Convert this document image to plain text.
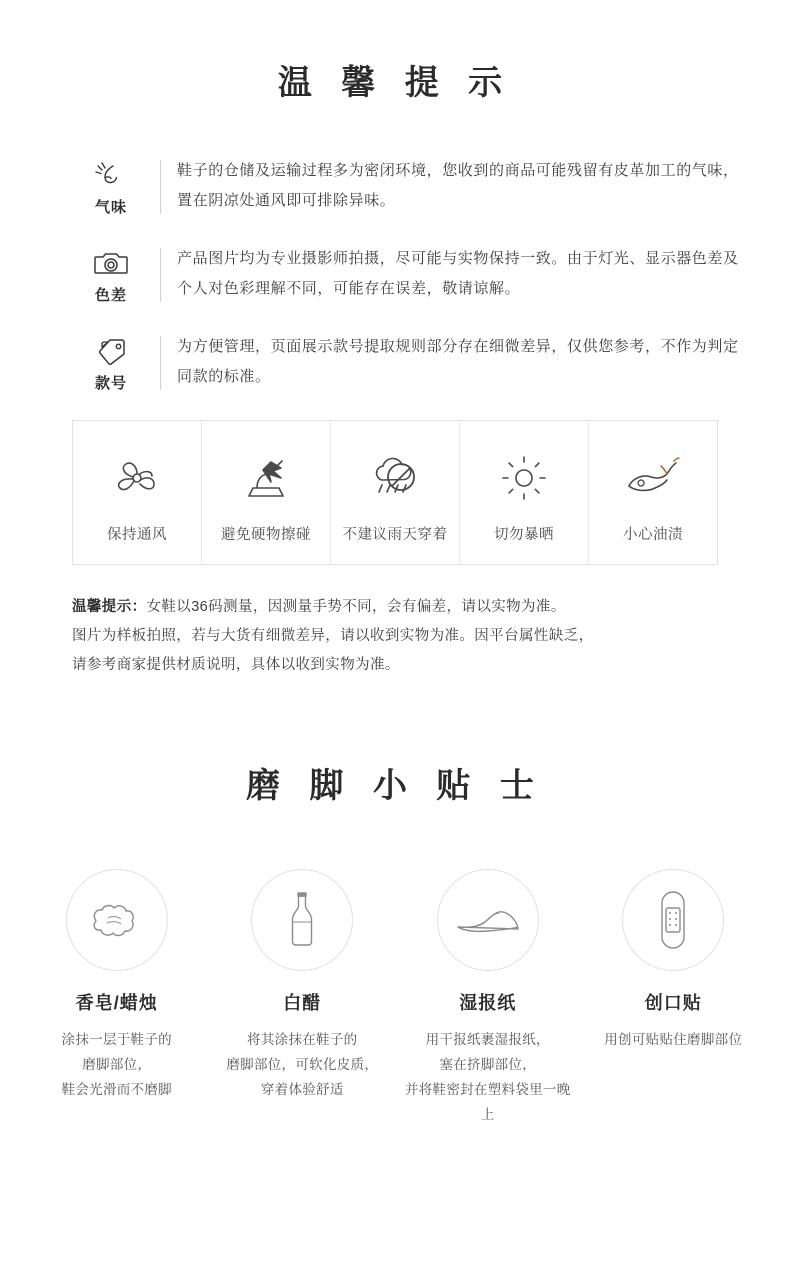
温 馨 提 示
气味
鞋子的仓储及运输过程多为密闭环境，您收到的商品可能残留有皮革加工的气味，置在阴凉处通风即可排除异味。
色差
产品图片均为专业摄影师拍摄，尽可能与实物保持一致。由于灯光、显示器色差及个人对色彩理解不同，可能存在误差，敬请谅解。
款号
为方便管理，页面展示款号提取规则部分存在细微差异，仅供您参考，不作为判定同款的标准。
保持通风	避免硬物擦碰	不建议雨天穿着	切勿暴晒	小心油渍
温馨提示：女鞋以36码测量，因测量手势不同，会有偏差，请以实物为准。
图片为样板拍照，若与大货有细微差异，请以收到实物为准。因平台属性缺乏，
请参考商家提供材质说明，具体以收到实物为准。
磨 脚 小 贴 士
香皂/蜡烛
涂抹一层于鞋子的
磨脚部位，
鞋会光滑而不磨脚
白醋
将其涂抹在鞋子的
磨脚部位，可软化皮质，
穿着体验舒适
湿报纸
用干报纸裹湿报纸，
塞在挤脚部位，
并将鞋密封在塑料袋里一晚上
创口贴
用创可贴贴住磨脚部位
